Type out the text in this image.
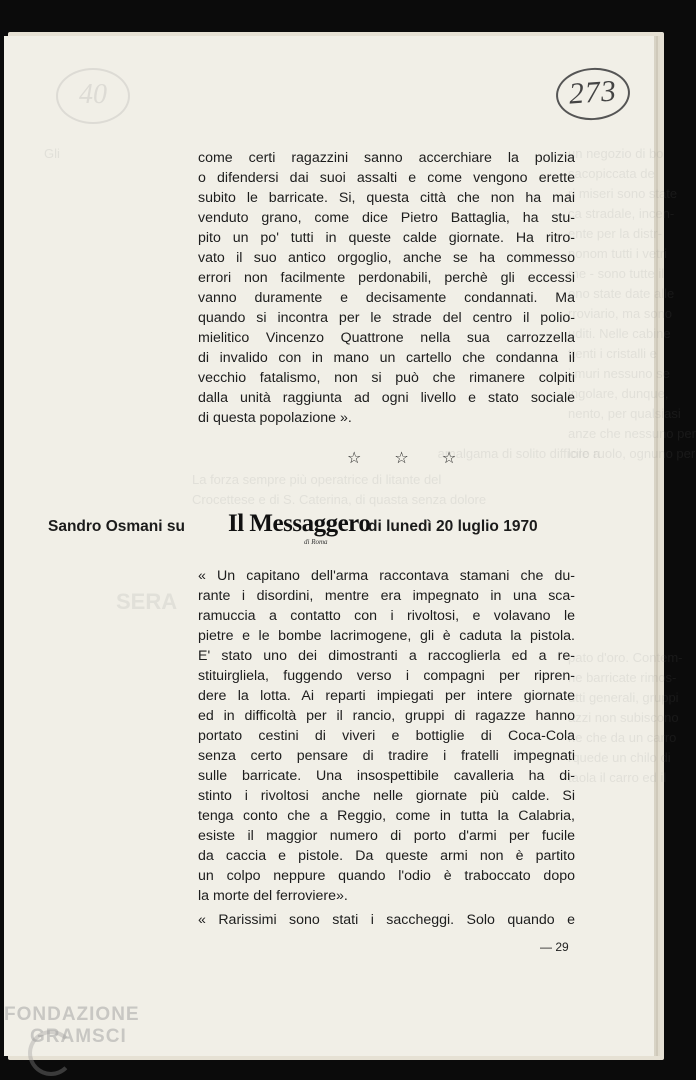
Gli	un negozio di bo
sacopiccata de
ri miseri sono state
ca stradale, incen-
ente per la distr-
nonom tutti i vetri
me - sono tutte il
ono state date alle
rroviario, ma sono
uditi. Nelle cabine
ttenti i cristalli e
i muri nessuno se
ingolare, dunque,
nento, per qualsiasi
anze che nessuno per
loro ruolo, ognuno per
amalgama di solito difficile a
La forza sempre più operatrice di litante del
Crocettese e di S. Caterina, di quasta senza dolore
SERA
pato d'oro. Contem-
ne barricate rimos-
utti generali, gruppi
azzi non subiscono
ne che da un carro
rquede un chilo di
taola il carro ed il
40	273
come certi ragazzini sanno accerchiare la polizia
o difendersi dai suoi assalti e come vengono erette
subito le barricate. Si, questa città che non ha mai
venduto grano, come dice Pietro Battaglia, ha stu-
pito un po' tutti in queste calde giornate. Ha ritro-
vato il suo antico orgoglio, anche se ha commesso
errori non facilmente perdonabili, perchè gli eccessi
vanno duramente e decisamente condannati. Ma
quando si incontra per le strade del centro il polio-
mielitico Vincenzo Quattrone nella sua carrozzella
di invalido con in mano un cartello che condanna il
vecchio fatalismo, non si può che rimanere colpiti
dalla unità raggiunta ad ogni livello e stato sociale
di questa popolazione ».
☆ ☆ ☆
Sandro Osmani su Il Messaggero
di Roma
di lunedì 20 luglio 1970
« Un capitano dell'arma raccontava stamani che du-
rante i disordini, mentre era impegnato in una sca-
ramuccia a contatto con i rivoltosi, e volavano le
pietre e le bombe lacrimogene, gli è caduta la pistola.
E' stato uno dei dimostranti a raccoglierla ed a re-
stituirgliela, fuggendo verso i compagni per ripren-
dere la lotta. Ai reparti impiegati per intere giornate
ed in difficoltà per il rancio, gruppi di ragazze hanno
portato cestini di viveri e bottiglie di Coca-Cola
senza certo pensare di tradire i fratelli impegnati
sulle barricate. Una insospettibile cavalleria ha di-
stinto i rivoltosi anche nelle giornate più calde. Si
tenga conto che a Reggio, come in tutta la Calabria,
esiste il maggior numero di porto d'armi per fucile
da caccia e pistole. Da queste armi non è partito
un colpo neppure quando l'odio è traboccato dopo
la morte del ferroviere».
« Rarissimi sono stati i saccheggi. Solo quando e
— 29
FONDAZIONE
GRAMSCI
